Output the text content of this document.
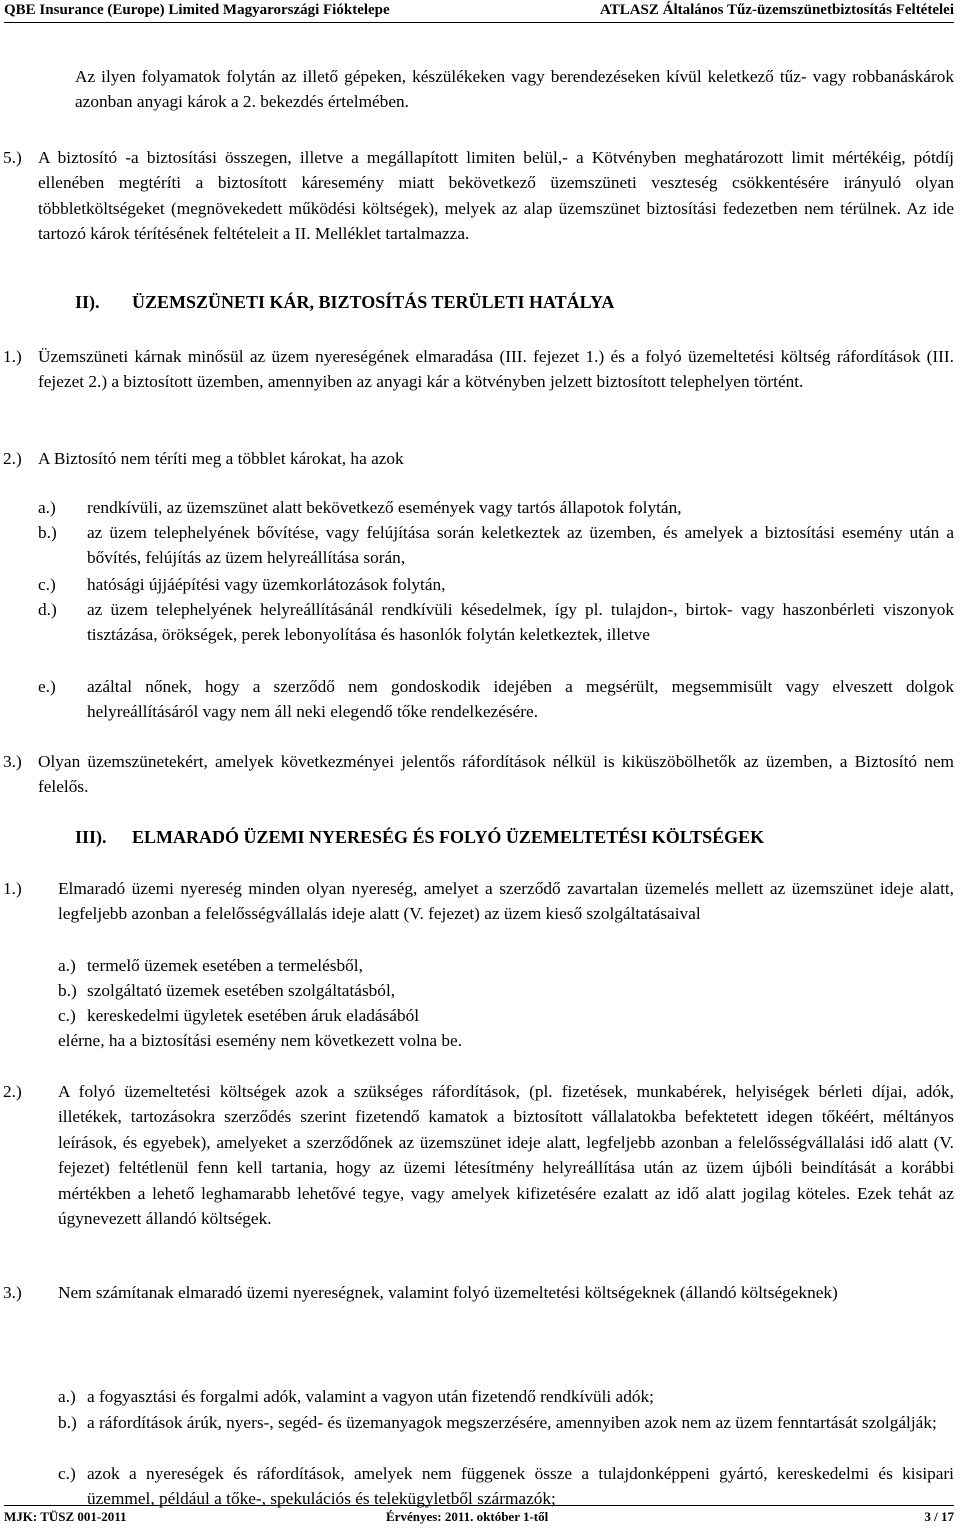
QBE Insurance (Europe) Limited Magyarországi Fióktelepe	ATLASZ Általános Tűz-üzemszünetbiztosítás Feltételei

Az ilyen folyamatok folytán az illető gépeken, készülékeken vagy berendezéseken kívül keletkező tűz- vagy robbanáskárok azonban anyagi károk a 2. bekezdés értelmében.

5.) A biztosító -a biztosítási összegen, illetve a megállapított limiten belül,- a Kötvényben meghatározott limit mértékéig, pótdíj ellenében megtéríti a biztosított káresemény miatt bekövetkező üzemszüneti veszteség csökkentésére irányuló olyan többletköltségeket (megnövekedett működési költségek), melyek az alap üzemszünet biztosítási fedezetben nem térülnek. Az ide tartozó károk térítésének feltételeit a II. Melléklet tartalmazza.

II). ÜZEMSZÜNETI KÁR, BIZTOSÍTÁS TERÜLETI HATÁLYA
1.) Üzemszüneti kárnak minősül az üzem nyereségének elmaradása (III. fejezet 1.) és a folyó üzemeltetési költség ráfordítások (III. fejezet 2.) a biztosított üzemben, amennyiben az anyagi kár a kötvényben jelzett biztosított telephelyen történt.

2.) A Biztosító nem téríti meg a többlet károkat, ha azok
a.) rendkívüli, az üzemszünet alatt bekövetkező események vagy tartós állapotok folytán,

b.) az üzem telephelyének bővítése, vagy felújítása során keletkeztek az üzemben, és amelyek a biztosítási esemény után a bővítés, felújítás az üzem helyreállítása során,

c.) hatósági újjáépítési vagy üzemkorlátozások folytán,

d.) az üzem telephelyének helyreállításánál rendkívüli késedelmek, így pl. tulajdon-, birtok- vagy haszonbérleti viszonyok tisztázása, örökségek, perek lebonyolítása és hasonlók folytán keletkeztek, illetve

e.) azáltal nőnek, hogy a szerződő nem gondoskodik idejében a megsérült, megsemmisült vagy elveszett dolgok helyreállításáról vagy nem áll neki elegendő tőke rendelkezésére.

3.) Olyan üzemszünetekért, amelyek következményei jelentős ráfordítások nélkül is kiküszöbölhetők az üzemben, a Biztosító nem felelős.

III). ELMARADÓ ÜZEMI NYERESÉG ÉS FOLYÓ ÜZEMELTETÉSI KÖLTSÉGEK
1.) Elmaradó üzemi nyereség minden olyan nyereség, amelyet a szerződő zavartalan üzemelés mellett az üzemszünet ideje alatt, legfeljebb azonban a felelősségvállalás ideje alatt (V. fejezet) az üzem kieső szolgáltatásaival

a.) termelő üzemek esetében a termelésből,
b.) szolgáltató üzemek esetében szolgáltatásból,
c.) kereskedelmi ügyletek esetében áruk eladásából
elérne, ha a biztosítási esemény nem következett volna be.
2.) A folyó üzemeltetési költségek azok a szükséges ráfordítások, (pl. fizetések, munkabérek, helyiségek bérleti díjai, adók, illetékek, tartozásokra szerződés szerint fizetendő kamatok a biztosított vállalatokba befektetett idegen tőkéért, méltányos leírások, és egyebek), amelyeket a szerződőnek az üzemszünet ideje alatt, legfeljebb azonban a felelősségvállalási idő alatt (V. fejezet) feltétlenül fenn kell tartania, hogy az üzemi létesítmény helyreállítása után az üzem újbóli beindítását a korábbi mértékben a lehető leghamarabb lehetővé tegye, vagy amelyek kifizetésére ezalatt az idő alatt jogilag köteles. Ezek tehát az úgynevezett állandó költségek.

3.) Nem számítanak elmaradó üzemi nyereségnek, valamint folyó üzemeltetési költségeknek (állandó költségeknek)

a.) a fogyasztási és forgalmi adók, valamint a vagyon után fizetendő rendkívüli adók;

b.) a ráfordítások árúk, nyers-, segéd- és üzemanyagok megszerzésére, amennyiben azok nem az üzem fenntartását szolgálják;

c.) azok a nyereségek és ráfordítások, amelyek nem függenek össze a tulajdonképpeni gyártó, kereskedelmi és kisipari üzemmel, például a tőke-, spekulációs és telekügyletből származók;

MJK: TÜSZ 001-2011	Érvényes: 2011. október 1-től	3 / 17
